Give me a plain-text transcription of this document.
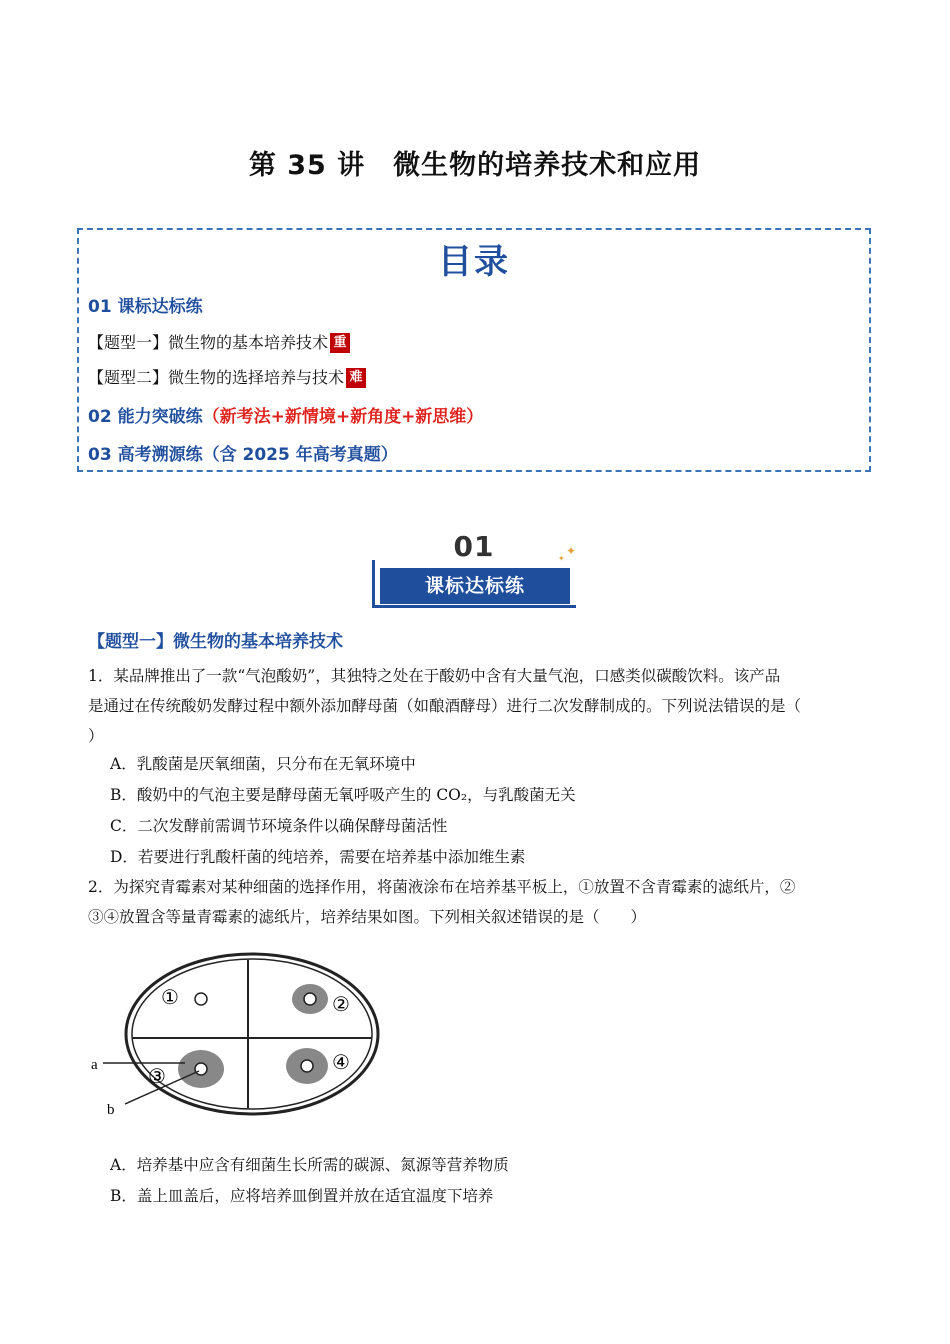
第 35 讲　微生物的培养技术和应用
目录
01 课标达标练
【题型一】微生物的基本培养技术 重
【题型二】微生物的选择培养与技术 难
02 能力突破练（新考法+新情境+新角度+新思维）
03 高考溯源练（含 2025 年高考真题）
01
课标达标练
✦
✦
【题型一】微生物的基本培养技术
1．某品牌推出了一款“气泡酸奶”，其独特之处在于酸奶中含有大量气泡，口感类似碳酸饮料。该产品
是通过在传统酸奶发酵过程中额外添加酵母菌（如酿酒酵母）进行二次发酵制成的。下列说法错误的是（
）
A．乳酸菌是厌氧细菌，只分布在无氧环境中
B．酸奶中的气泡主要是酵母菌无氧呼吸产生的 CO₂，与乳酸菌无关
C．二次发酵前需调节环境条件以确保酵母菌活性
D．若要进行乳酸杆菌的纯培养，需要在培养基中添加维生素
2．为探究青霉素对某种细菌的选择作用，将菌液涂布在培养基平板上，①放置不含青霉素的滤纸片，②
③④放置含等量青霉素的滤纸片，培养结果如图。下列相关叙述错误的是（　　）
a
b
①	②
③
④
A．培养基中应含有细菌生长所需的碳源、氮源等营养物质
B．盖上皿盖后，应将培养皿倒置并放在适宜温度下培养
